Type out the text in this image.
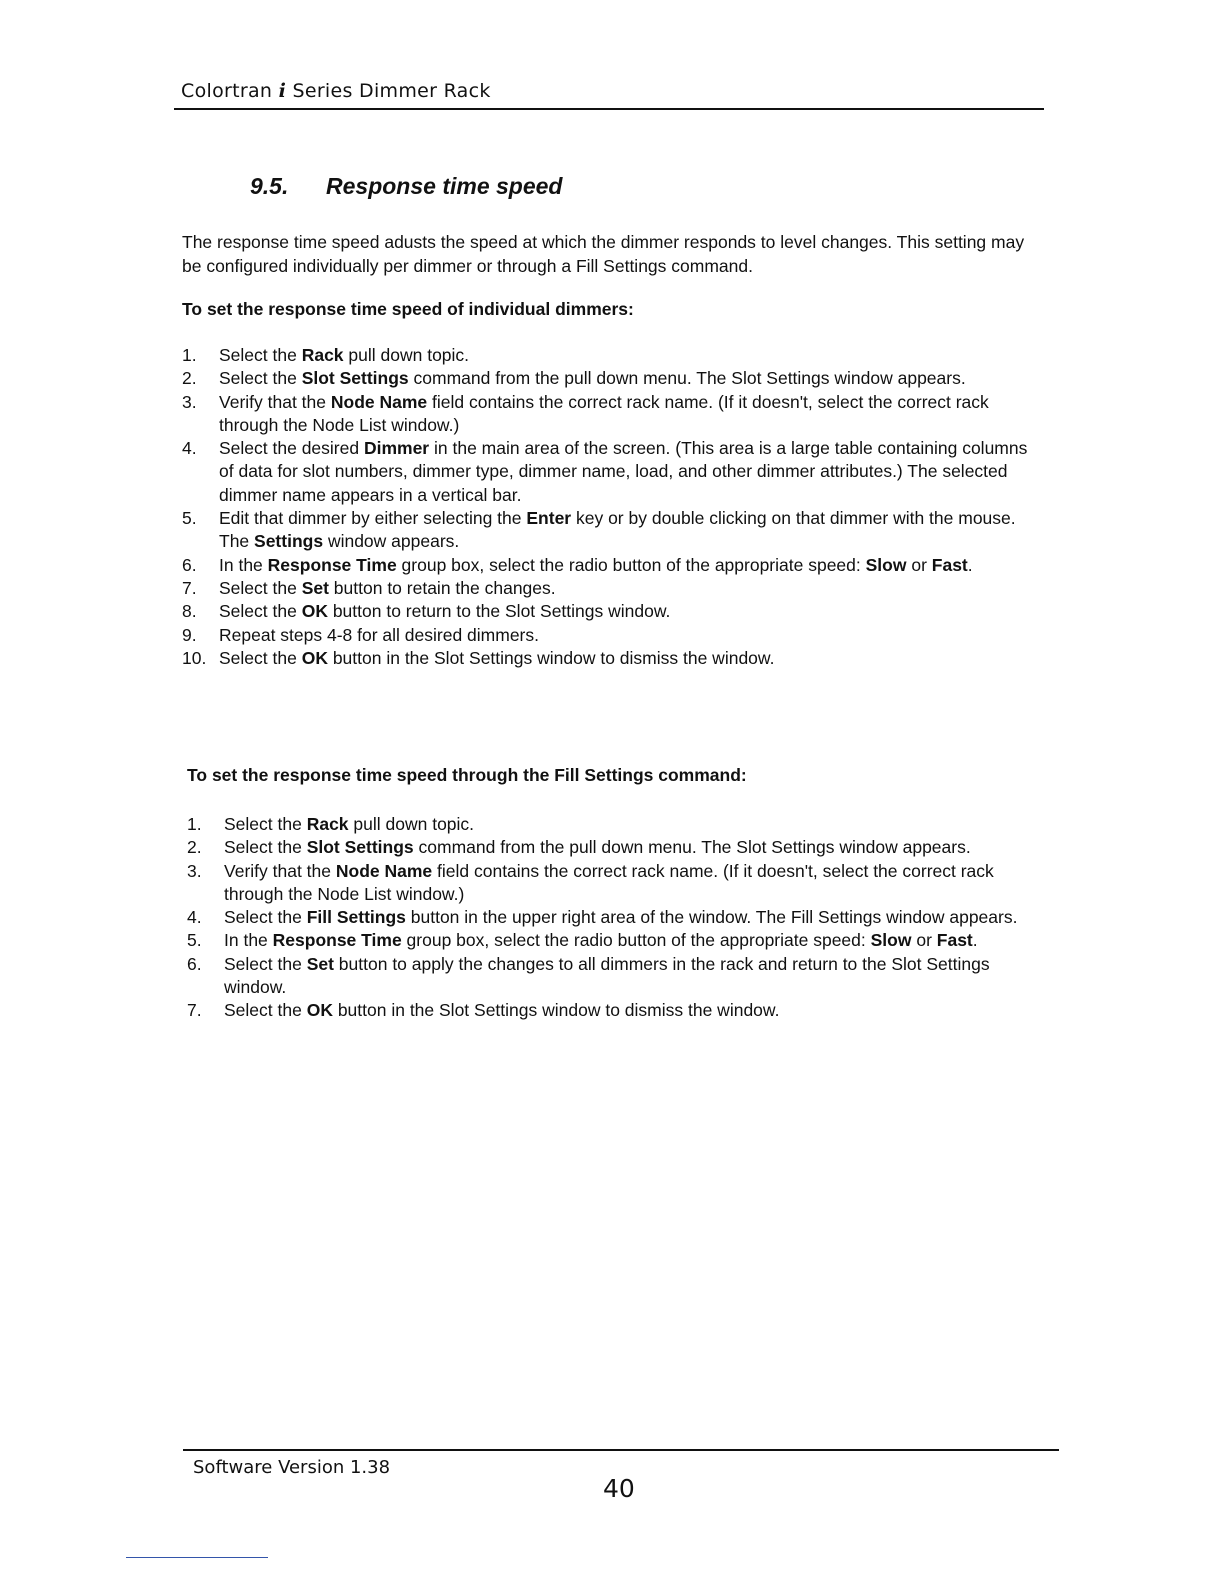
Colortran i Series Dimmer Rack
9.5. Response time speed

The response time speed adusts the speed at which the dimmer responds to level changes. This setting may be configured individually per dimmer or through a Fill Settings command.

To set the response time speed of individual dimmers:

1. Select the Rack pull down topic.
2. Select the Slot Settings command from the pull down menu. The Slot Settings window appears.
3. Verify that the Node Name field contains the correct rack name. (If it doesn't, select the correct rack through the Node List window.)
4. Select the desired Dimmer in the main area of the screen. (This area is a large table containing columns of data for slot numbers, dimmer type, dimmer name, load, and other dimmer attributes.) The selected dimmer name appears in a vertical bar.
5. Edit that dimmer by either selecting the Enter key or by double clicking on that dimmer with the mouse. The Settings window appears.
6. In the Response Time group box, select the radio button of the appropriate speed: Slow or Fast.
7. Select the Set button to retain the changes.
8. Select the OK button to return to the Slot Settings window.
9. Repeat steps 4-8 for all desired dimmers.
10. Select the OK button in the Slot Settings window to dismiss the window.

To set the response time speed through the Fill Settings command:

1. Select the Rack pull down topic.
2. Select the Slot Settings command from the pull down menu. The Slot Settings window appears.
3. Verify that the Node Name field contains the correct rack name. (If it doesn't, select the correct rack through the Node List window.)
4. Select the Fill Settings button in the upper right area of the window. The Fill Settings window appears.
5. In the Response Time group box, select the radio button of the appropriate speed: Slow or Fast.
6. Select the Set button to apply the changes to all dimmers in the rack and return to the Slot Settings window.
7. Select the OK button in the Slot Settings window to dismiss the window.
Software Version 1.38
40
